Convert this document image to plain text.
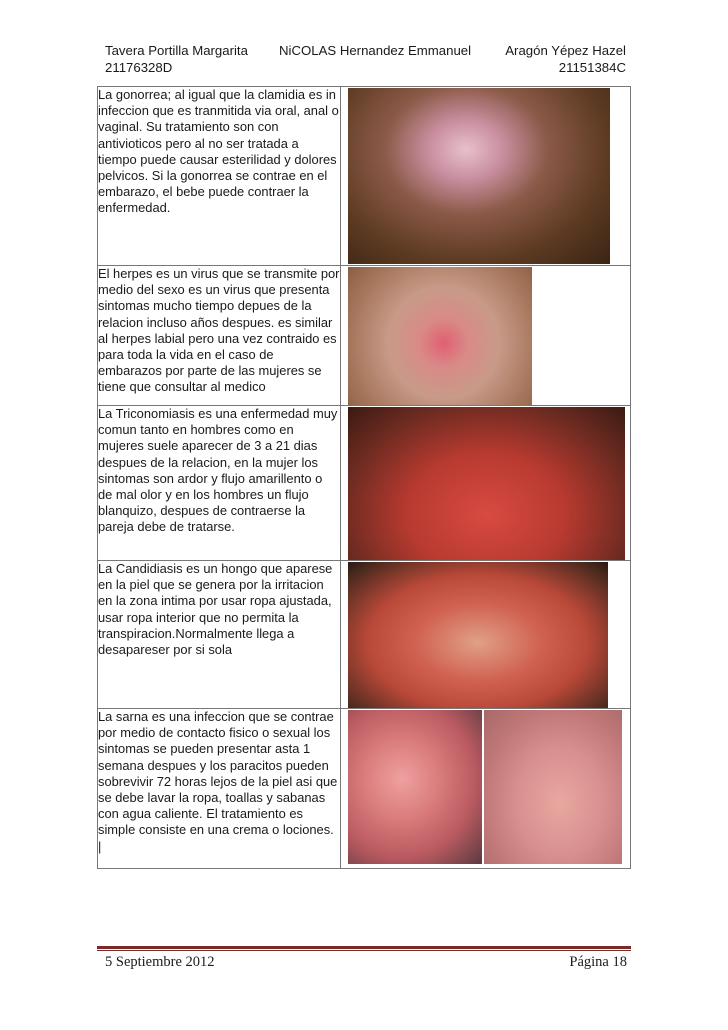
Tavera Portilla Margarita
21176328D
NiCOLAS Hernandez Emmanuel	Aragón Yépez Hazel
21151384C
La gonorrea; al igual que la clamidia es in infeccion que es tranmitida via oral, anal o vaginal. Su tratamiento son con antivioticos pero al no ser tratada a tiempo puede causar esterilidad y dolores pelvicos. Si la gonorrea se contrae en el embarazo, el bebe puede contraer la enfermedad.	

El herpes es un virus que se transmite por medio del sexo es un virus que presenta sintomas mucho tiempo depues de la relacion incluso años despues. es similar al herpes labial pero una vez contraido es para toda la vida en el caso de embarazos por parte de las mujeres se tiene que consultar al medico	

La Triconomiasis es una enfermedad muy comun tanto en hombres como en mujeres suele aparecer de 3 a 21 dias despues de la relacion, en la mujer los sintomas son ardor y flujo amarillento o de mal olor y en los hombres un flujo blanquizo, despues de contraerse la pareja debe de tratarse.	

La Candidiasis es un hongo que aparese en la piel que se genera por la irritacion en la zona intima por usar ropa ajustada, usar ropa interior que no permita la transpiracion.Normalmente llega a desapareser por si sola	

La sarna es una infeccion que se contrae por medio de contacto fisico o sexual los sintomas se pueden presentar asta 1 semana despues y los paracitos pueden sobrevivir 72 horas lejos de la piel asi que se debe lavar la ropa, toallas y sabanas con agua caliente. El tratamiento es simple consiste en una crema o lociones. |	
5 Septiembre 2012	Página 18
